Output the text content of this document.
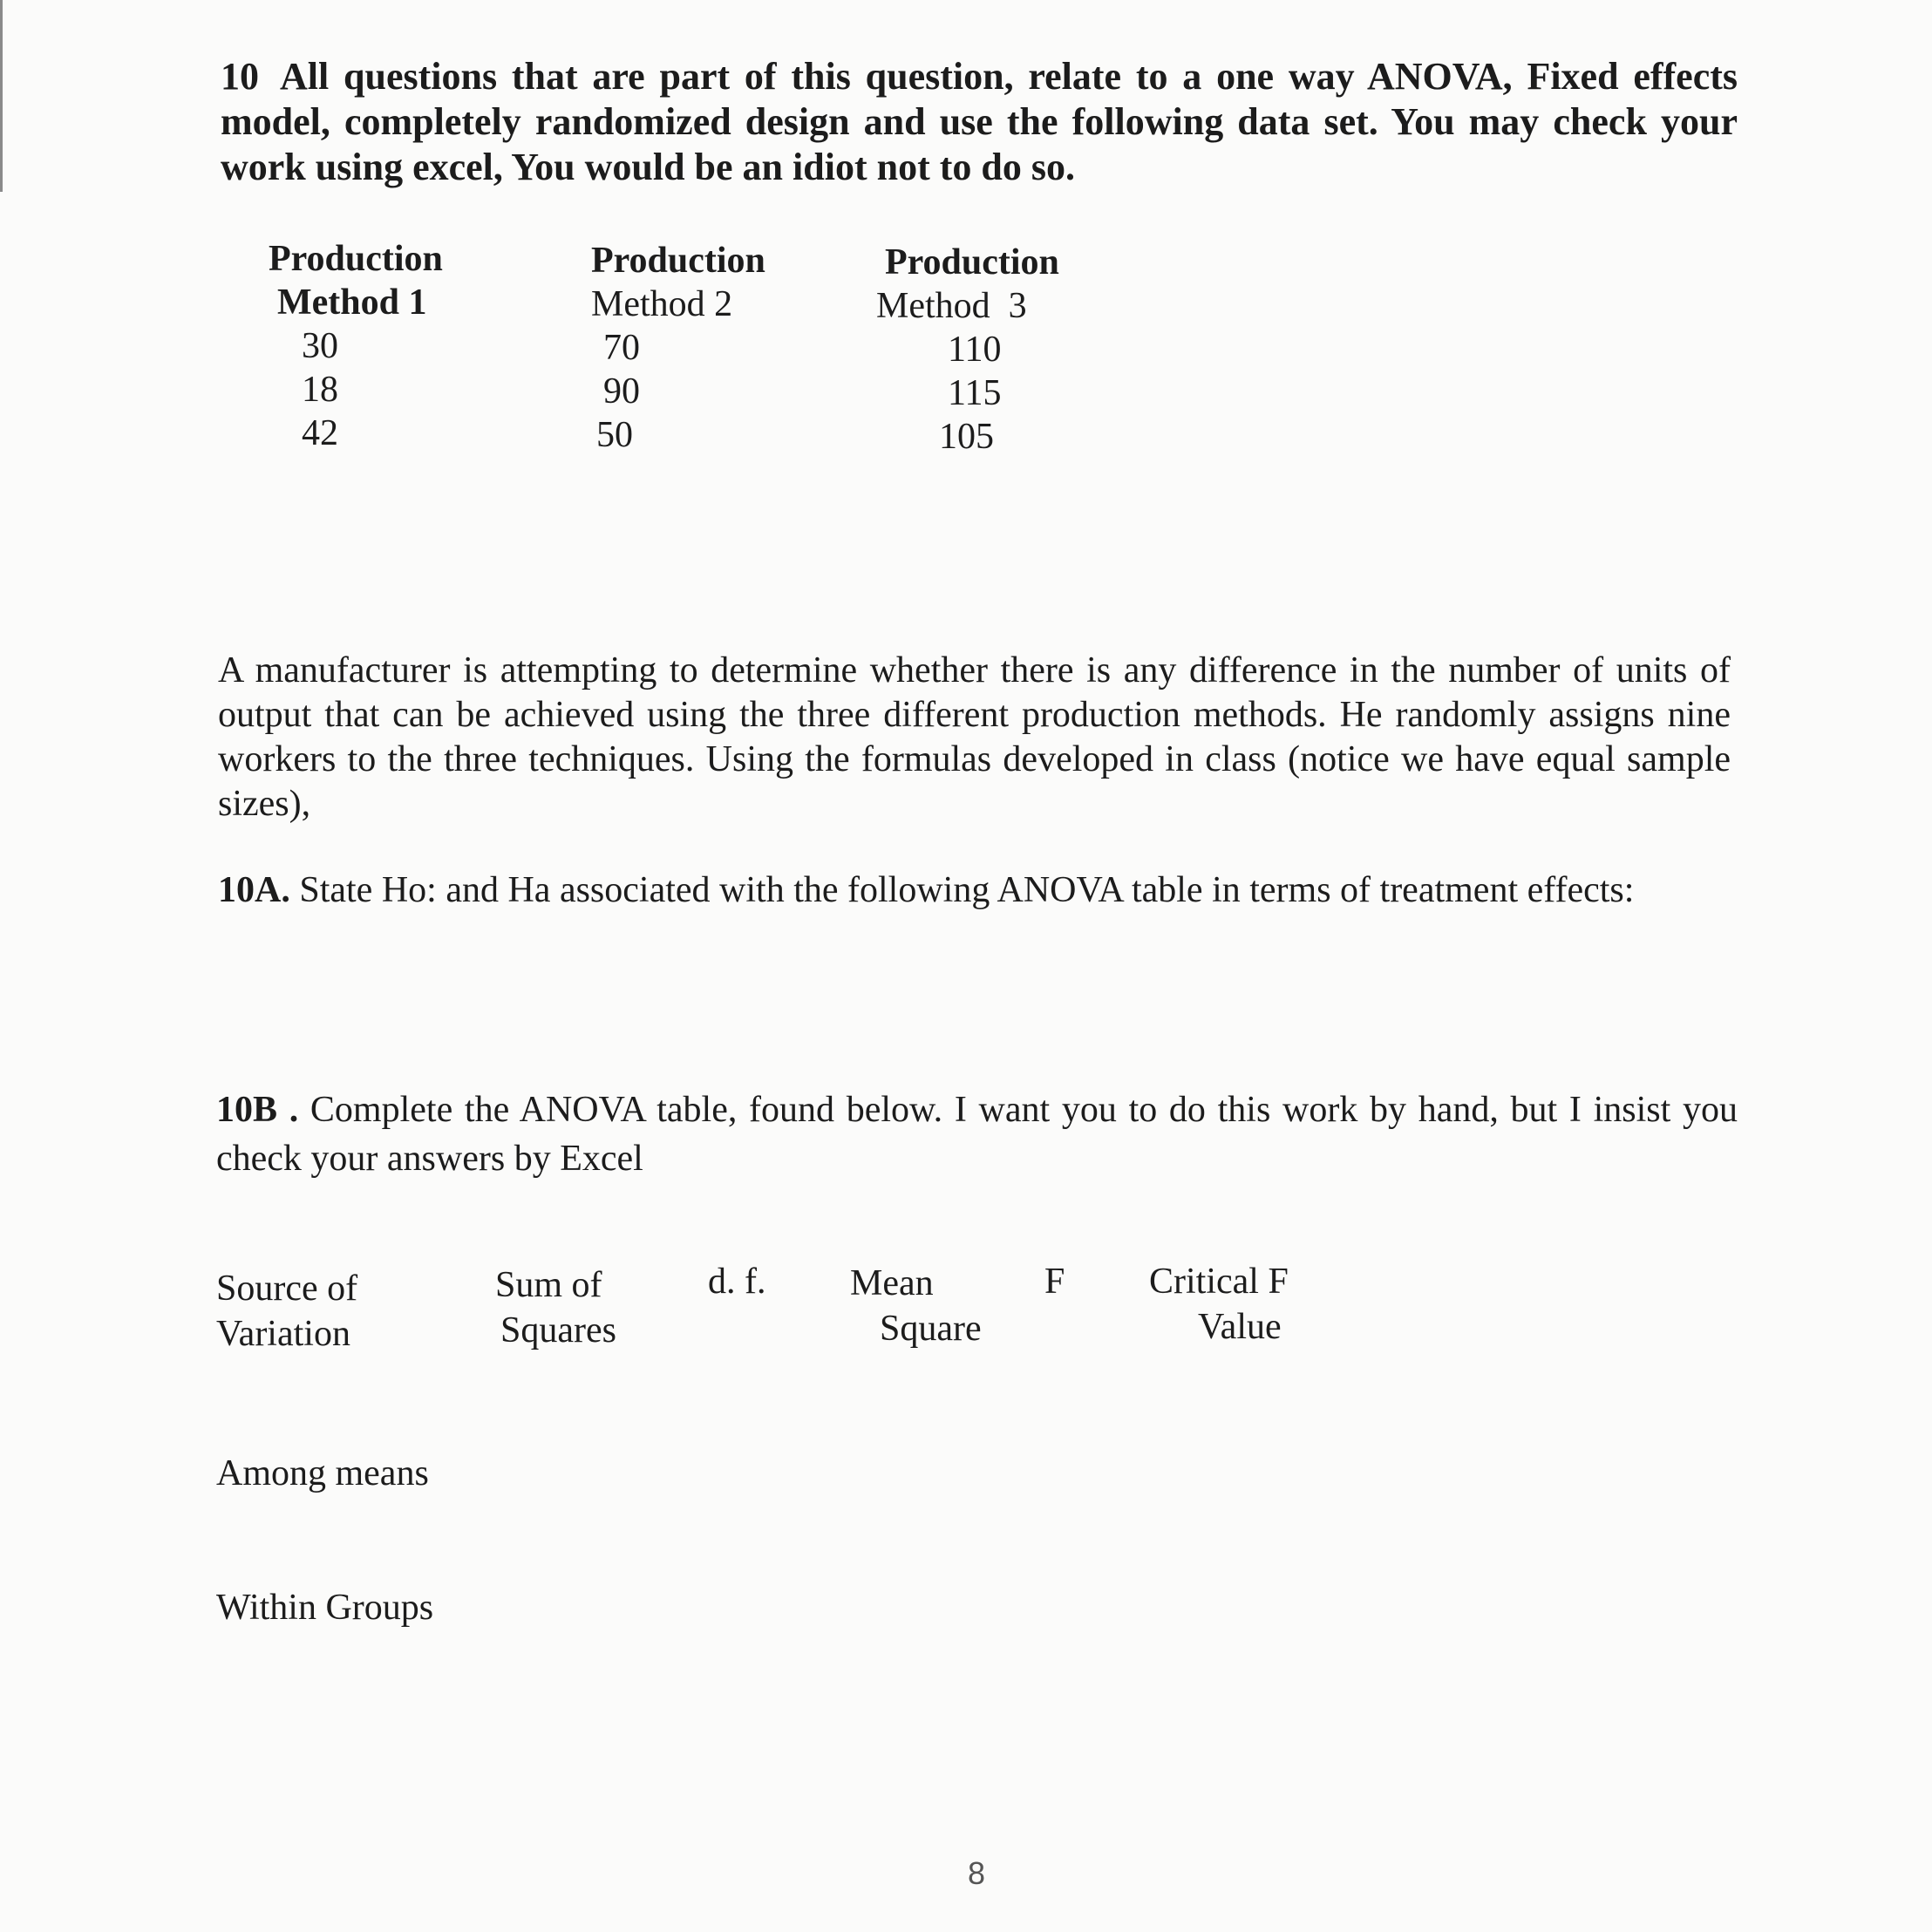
10 All questions that are part of this question, relate to a one way ANOVA, Fixed effects model, completely randomized design and use the following data set. You may check your work using excel, You would be an idiot not to do so.
Production
Method 1
30
18
42
Production
Method 2
70
90
50
Production
Method  3
110
115
105
A manufacturer is attempting to determine whether there is any difference in the number of units of output that can be achieved using the three different production methods. He randomly assigns nine workers to the three techniques. Using the formulas developed in class (notice we have equal sample sizes),
10A. State Ho: and Ha associated with the following ANOVA table in terms of treatment effects:
10B . Complete the ANOVA table, found below. I want you to do this work by hand, but I insist you check your answers by Excel
Source of
Variation
Sum of
Squares
d. f. Mean
Square
F Critical F
Value
Among means
Within Groups
8
